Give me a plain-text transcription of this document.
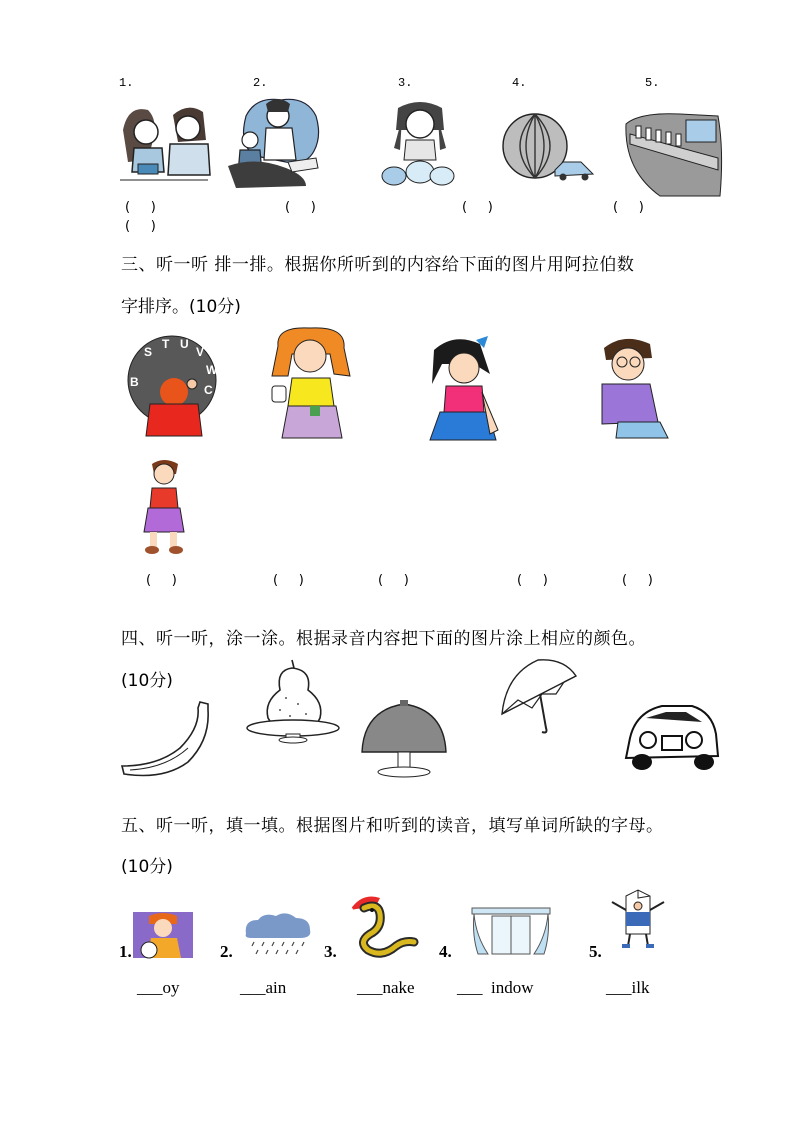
1.	2.	3.	4.	5.
(     )	(     )	(     )	(     )
(     )
三、听一听 排一排。根据你所听到的内容给下面的图片用阿拉伯数
字排序。(10分)
S
T U
V
W
B
C
(     )	(     )	(     )	(     )	(     )
四、听一听，涂一涂。根据录音内容把下面的图片涂上相应的颜色。
(10分)
五、听一听，填一填。根据图片和听到的读音，填写单词所缺的字母。
(10分)
1.
___oy
2.
___ain
3.
___nake
4.
___  indow
5.
___ilk
